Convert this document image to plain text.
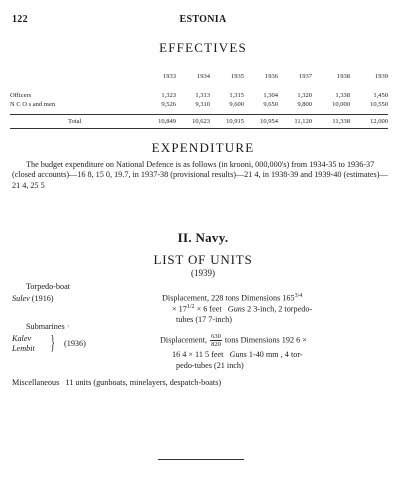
122	ESTONIA
EFFECTIVES
	1933	1934	1935	1936	1937	1938	1939

Officers	1,323	1,313	1,315	1,304	1,320	1,338	1,450
N C O s and men	9,526	9,310	9,600	9,650	9,800	10,000	10,550

Total	10,849	10,623	10,915	10,954	11,120	11,338	12,000
EXPENDITURE
The budget expenditure on National Defence is as follows (in krooni, 000,000's) from 1934-35 to 1936-37 (closed accounts)—16 8, 15 0, 19.7, in 1937-38 (provisional results)—21 4, in 1938-39 and 1939-40 (estimates)—21 4, 25 5
II. Navy.
LIST OF UNITS
(1939)
Torpedo-boat
Sulev (1916)	Displacement, 228 tons Dimensions $165^{3/4}$
× $17^{1/2} \times 6$ feet Guns 2 3-inch, 2 torpedo-
tubes (17 7-inch)
Submarines ·
Kalev
Lembit } (1936)	Displacement, $\frac{630}{820}$ tons Dimensions 192 6 ×
16 4 × 11 5 feet Guns 1-40 mm , 4 tor-
pedo-tubes (21 inch)
Miscellaneous 11 units (gunboats, minelayers, despatch-boats)
